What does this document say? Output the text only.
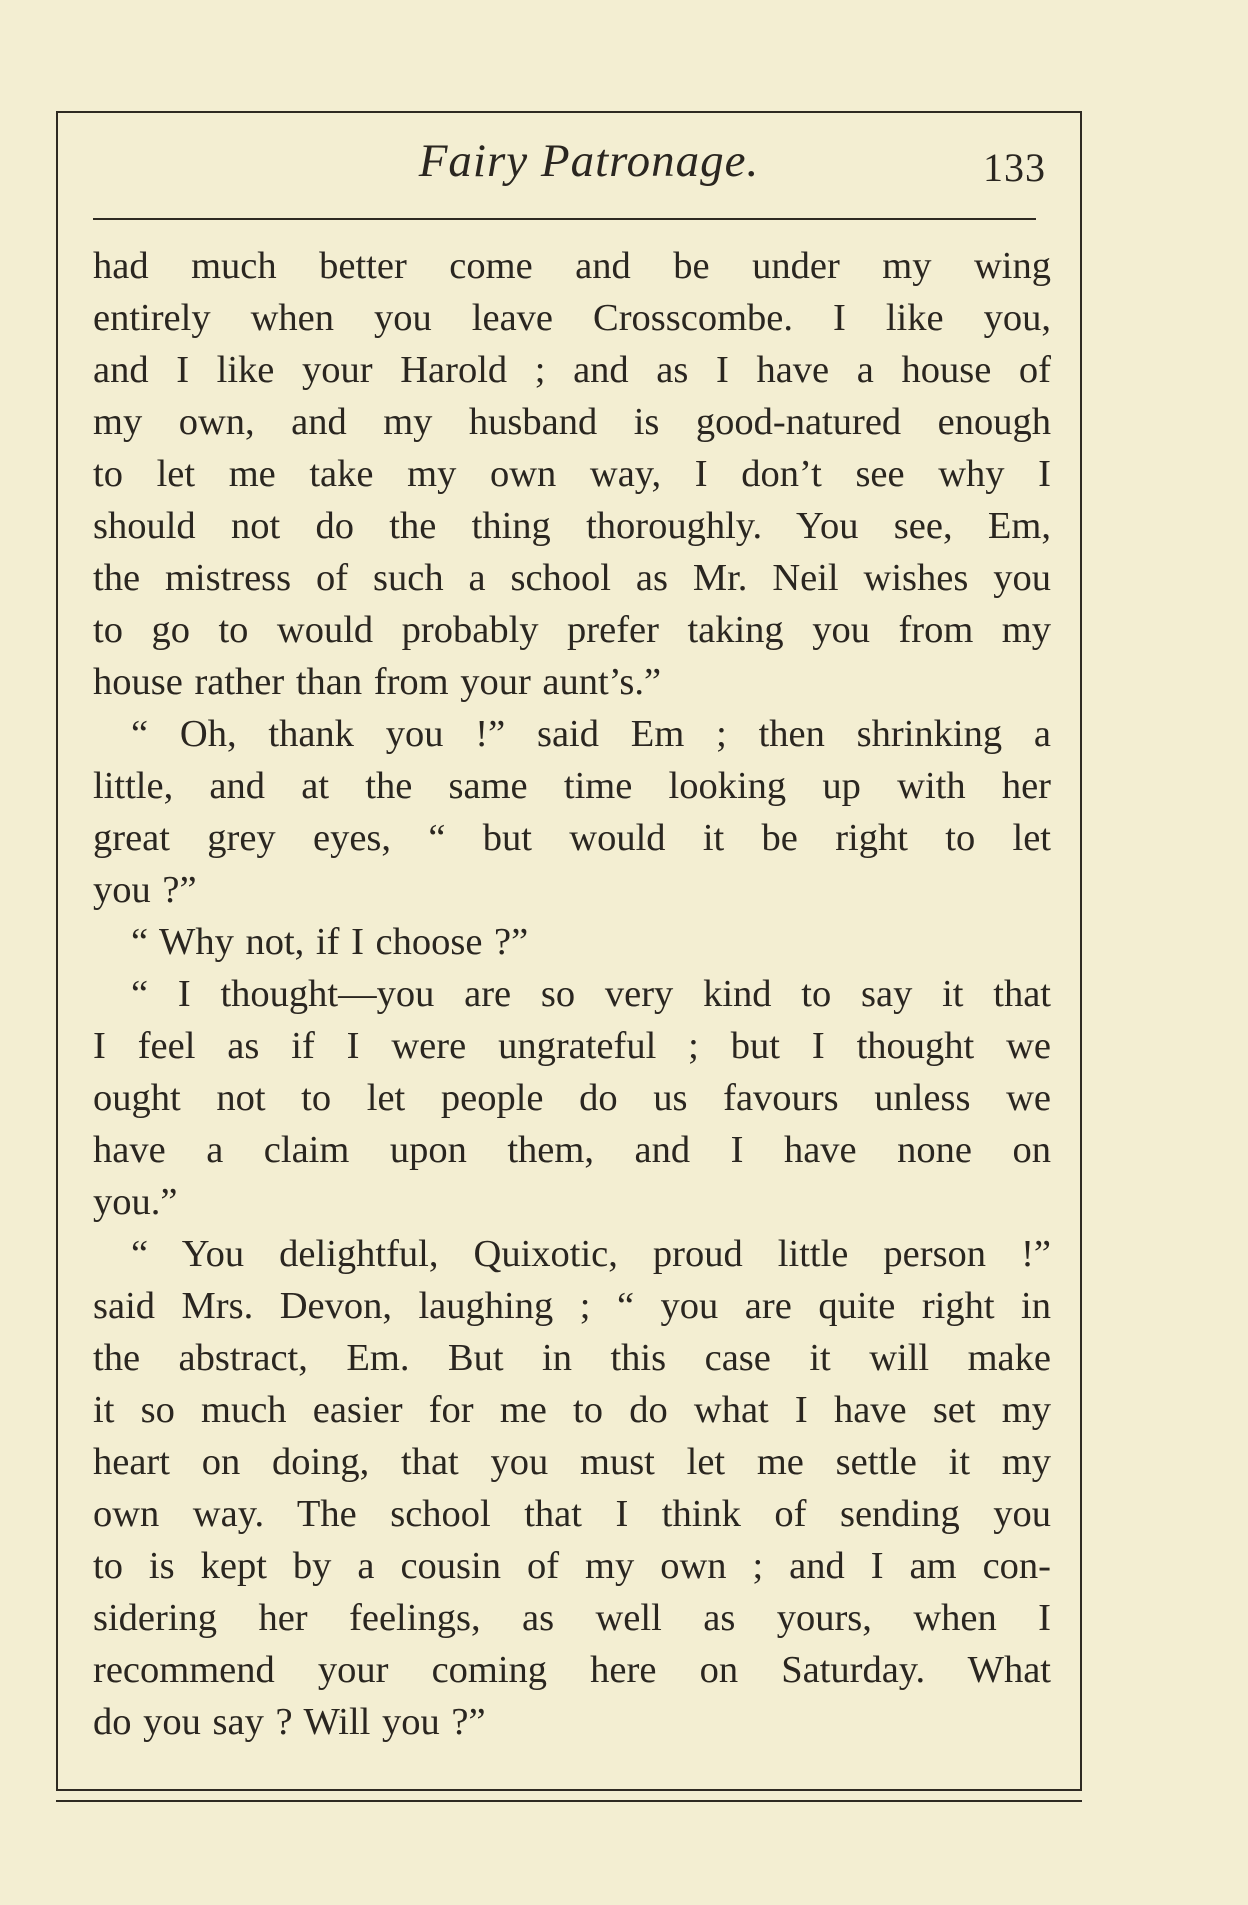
Fairy Patronage.	133
had much better come and be under my wing
entirely when you leave Crosscombe. I like you,
and I like your Harold ; and as I have a house of
my own, and my husband is good-natured enough
to let me take my own way, I don’t see why I
should not do the thing thoroughly. You see, Em,
the mistress of such a school as Mr. Neil wishes you
to go to would probably prefer taking you from my
house rather than from your aunt’s.”
“ Oh, thank you !” said Em ; then shrinking a
little, and at the same time looking up with her
great grey eyes, “ but would it be right to let
you ?”
“ Why not, if I choose ?”
“ I thought—you are so very kind to say it that
I feel as if I were ungrateful ; but I thought we
ought not to let people do us favours unless we
have a claim upon them, and I have none on
you.”
“ You delightful, Quixotic, proud little person !”
said Mrs. Devon, laughing ; “ you are quite right in
the abstract, Em. But in this case it will make
it so much easier for me to do what I have set my
heart on doing, that you must let me settle it my
own way. The school that I think of sending you
to is kept by a cousin of my own ; and I am con-
sidering her feelings, as well as yours, when I
recommend your coming here on Saturday. What
do you say ? Will you ?”
